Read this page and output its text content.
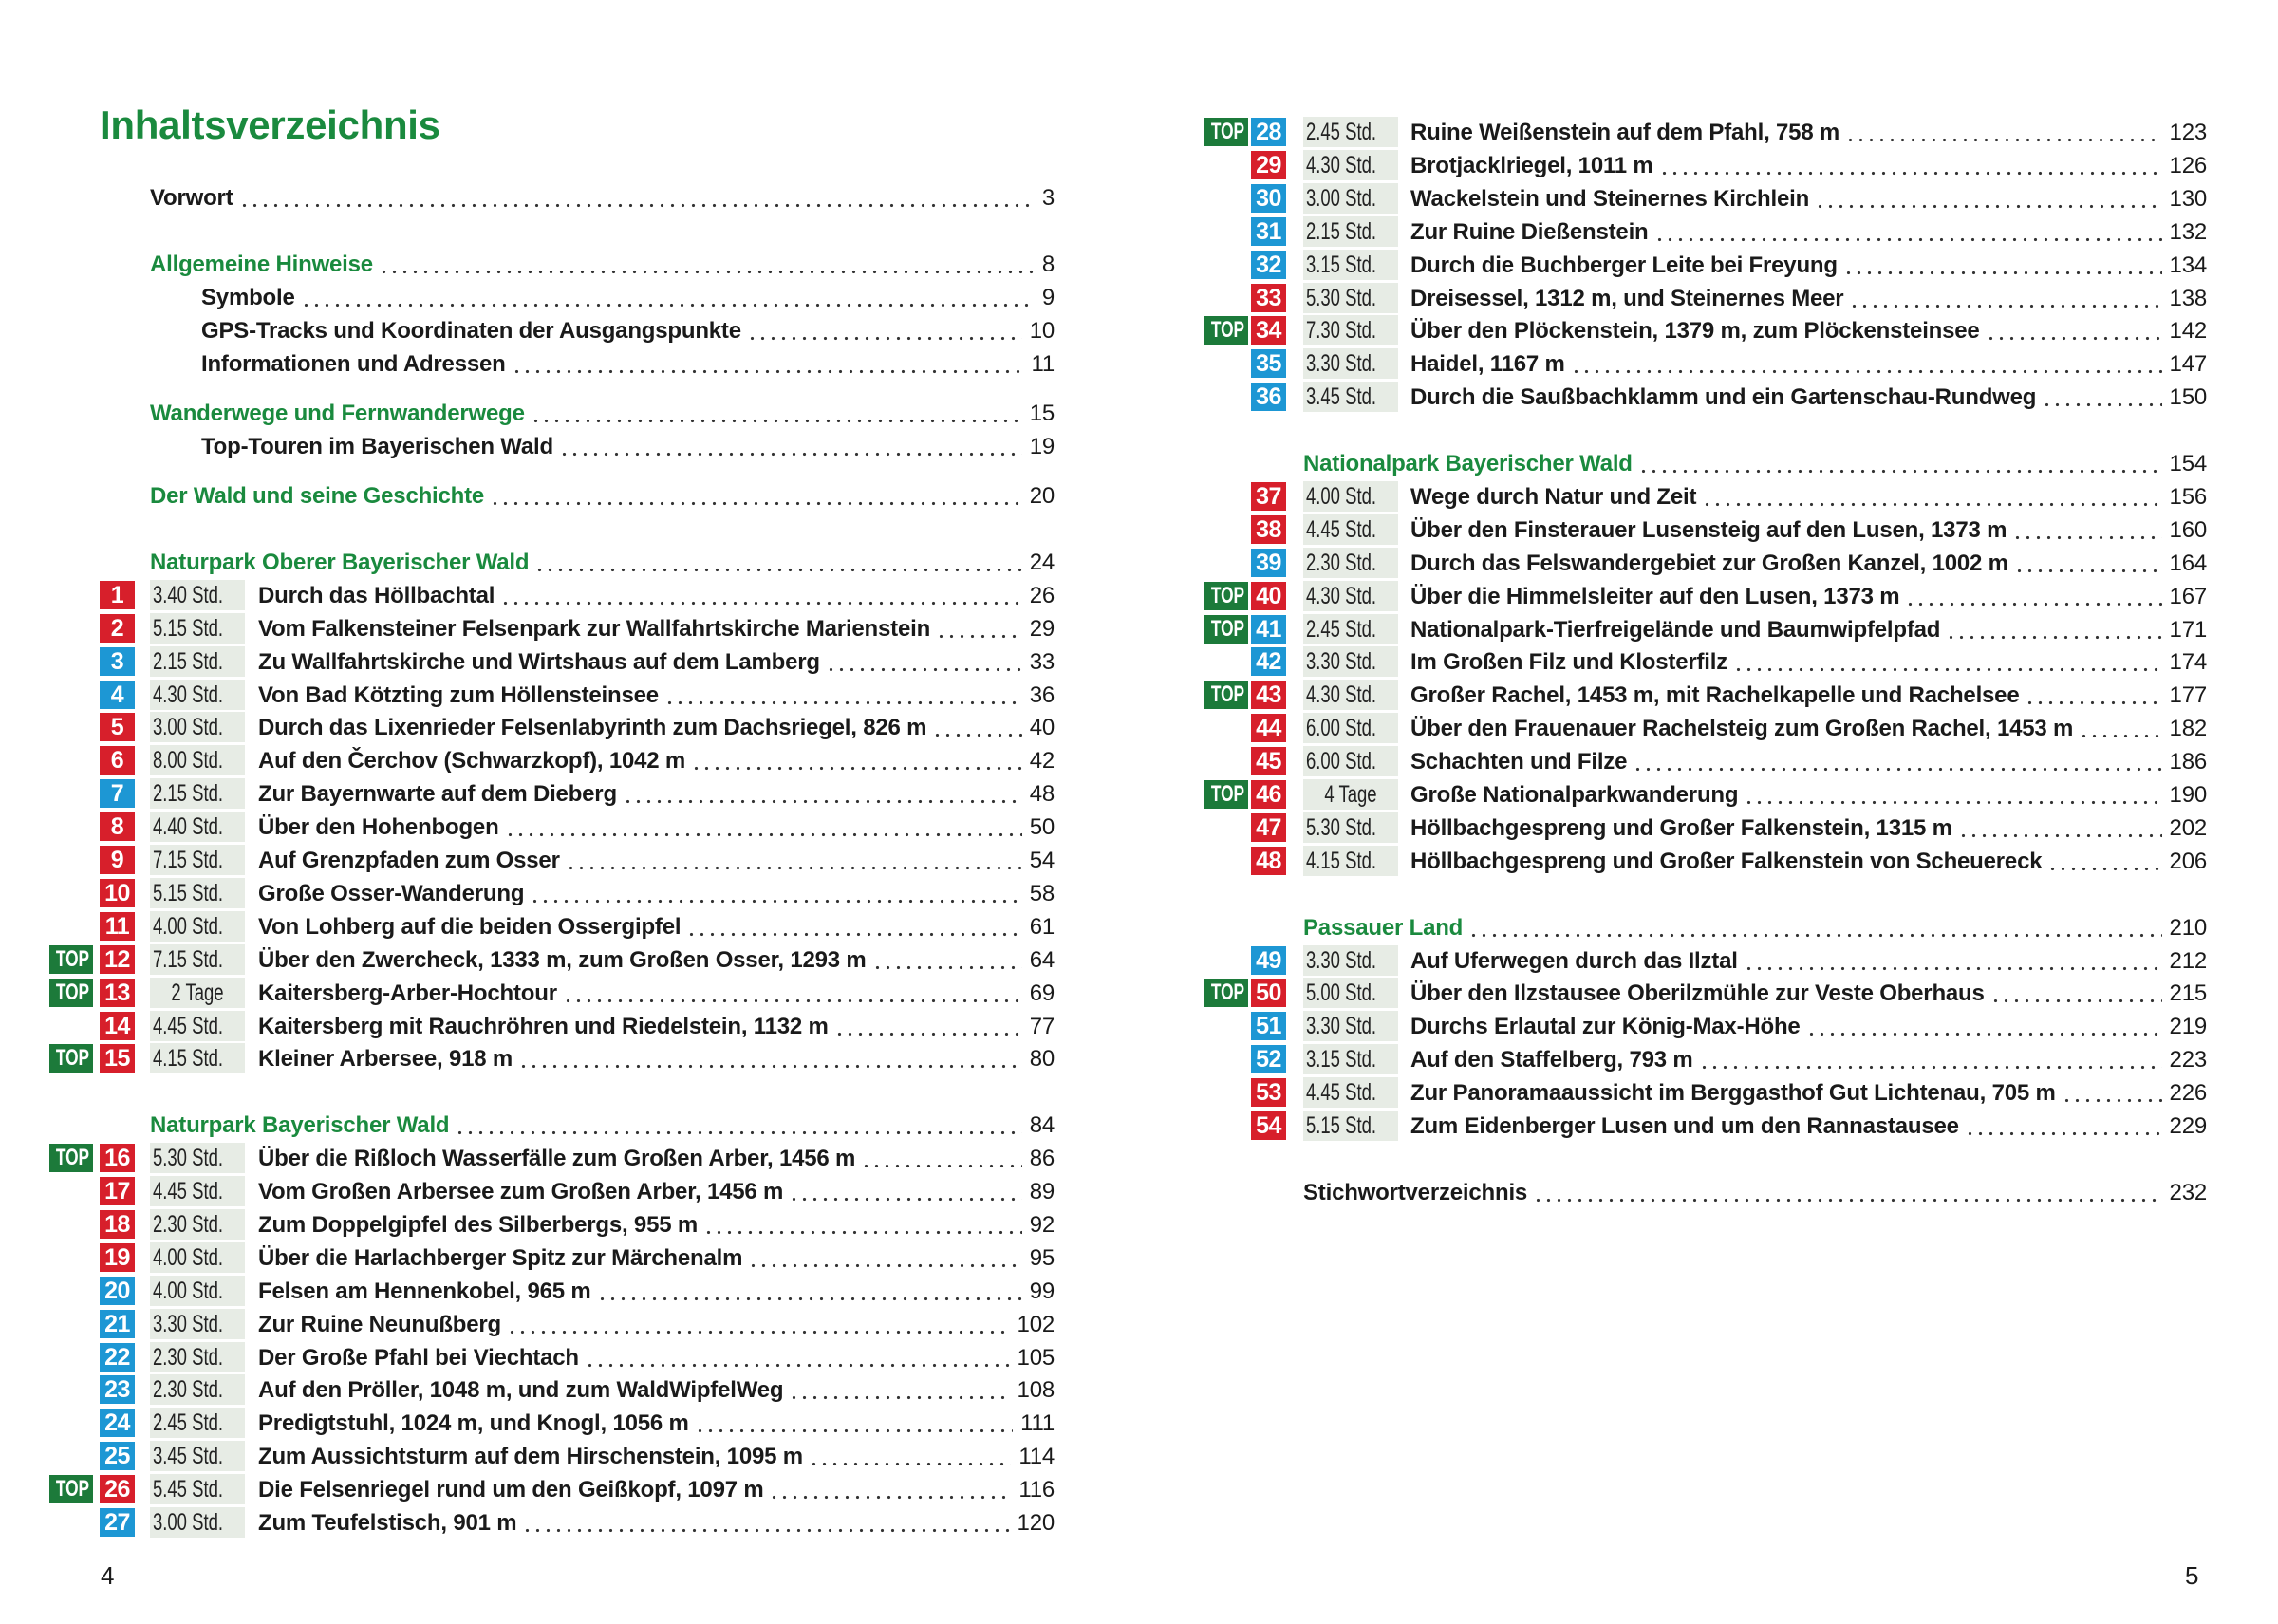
Inhaltsverzeichnis
Vorwort	3
Allgemeine Hinweise	8
Symbole	9
GPS-Tracks und Koordinaten der Ausgangspunkte	10
Informationen und Adressen	11
Wanderwege und Fernwanderwege	15
Top-Touren im Bayerischen Wald	19
Der Wald und seine Geschichte	20
Naturpark Oberer Bayerischer Wald	24
1	3.40 Std.	Durch das Höllbachtal	26
2	5.15 Std.	Vom Falkensteiner Felsenpark zur Wallfahrtskirche Marienstein	29
3	2.15 Std.	Zu Wallfahrtskirche und Wirtshaus auf dem Lamberg	33
4	4.30 Std.	Von Bad Kötzting zum Höllensteinsee	36
5	3.00 Std.	Durch das Lixenrieder Felsenlabyrinth zum Dachsriegel, 826 m	40
6	8.00 Std.	Auf den Čerchov (Schwarzkopf), 1042 m	42
7	2.15 Std.	Zur Bayernwarte auf dem Dieberg	48
8	4.40 Std.	Über den Hohenbogen	50
9	7.15 Std.	Auf Grenzpfaden zum Osser	54
10 5.15 Std.	Große Osser-Wanderung	58
11 4.00 Std.	Von Lohberg auf die beiden Ossergipfel	61
TOP 12 7.15 Std.	Über den Zwercheck, 1333 m, zum Großen Osser, 1293 m	64
TOP 13	2 Tage	Kaitersberg-Arber-Hochtour	69
14 4.45 Std.	Kaitersberg mit Rauchröhren und Riedelstein, 1132 m	77
TOP 15 4.15 Std.	Kleiner Arbersee, 918 m	80
Naturpark Bayerischer Wald	84
TOP 16 5.30 Std.	Über die Rißloch Wasserfälle zum Großen Arber, 1456 m	86
17 4.45 Std.	Vom Großen Arbersee zum Großen Arber, 1456 m	89
18 2.30 Std.	Zum Doppelgipfel des Silberbergs, 955 m	92
19 4.00 Std.	Über die Harlachberger Spitz zur Märchenalm	95
20 4.00 Std.	Felsen am Hennenkobel, 965 m	99
21 3.30 Std.	Zur Ruine Neunußberg	102
22 2.30 Std.	Der Große Pfahl bei Viechtach	105
23 2.30 Std.	Auf den Pröller, 1048 m, und zum WaldWipfelWeg	108
24 2.45 Std.	Predigtstuhl, 1024 m, und Knogl, 1056 m	111
25 3.45 Std.	Zum Aussichtsturm auf dem Hirschenstein, 1095 m	114
TOP 26 5.45 Std.	Die Felsenriegel rund um den Geißkopf, 1097 m	116
27 3.00 Std.	Zum Teufelstisch, 901 m	120
TOP 28 2.45 Std.	Ruine Weißenstein auf dem Pfahl, 758 m	123
29 4.30 Std.	Brotjacklriegel, 1011 m	126
30 3.00 Std.	Wackelstein und Steinernes Kirchlein	130
31 2.15 Std.	Zur Ruine Dießenstein	132
32 3.15 Std.	Durch die Buchberger Leite bei Freyung	134
33 5.30 Std.	Dreisessel, 1312 m, und Steinernes Meer	138
TOP 34 7.30 Std.	Über den Plöckenstein, 1379 m, zum Plöckensteinsee	142
35 3.30 Std.	Haidel, 1167 m	147
36 3.45 Std.	Durch die Saußbachklamm und ein Gartenschau-Rundweg	150
Nationalpark Bayerischer Wald	154
37 4.00 Std.	Wege durch Natur und Zeit	156
38 4.45 Std.	Über den Finsterauer Lusensteig auf den Lusen, 1373 m	160
39 2.30 Std.	Durch das Felswandergebiet zur Großen Kanzel, 1002 m	164
TOP 40 4.30 Std.	Über die Himmelsleiter auf den Lusen, 1373 m	167
TOP 41 2.45 Std.	Nationalpark-Tierfreigelände und Baumwipfelpfad	171
42 3.30 Std.	Im Großen Filz und Klosterfilz	174
TOP 43 4.30 Std.	Großer Rachel, 1453 m, mit Rachelkapelle und Rachelsee	177
44 6.00 Std.	Über den Frauenauer Rachelsteig zum Großen Rachel, 1453 m	182
45 6.00 Std.	Schachten und Filze	186
TOP 46	4 Tage	Große Nationalparkwanderung	190
47 5.30 Std.	Höllbachgespreng und Großer Falkenstein, 1315 m	202
48 4.15 Std.	Höllbachgespreng und Großer Falkenstein von Scheuereck	206
Passauer Land	210
49 3.30 Std.	Auf Uferwegen durch das Ilztal	212
TOP 50 5.00 Std.	Über den Ilzstausee Oberilzmühle zur Veste Oberhaus	215
51 3.30 Std.	Durchs Erlautal zur König-Max-Höhe	219
52 3.15 Std.	Auf den Staffelberg, 793 m	223
53 4.45 Std.	Zur Panoramaaussicht im Berggasthof Gut Lichtenau, 705 m	226
54 5.15 Std.	Zum Eidenberger Lusen und um den Rannastausee	229
Stichwortverzeichnis	232
4	5
